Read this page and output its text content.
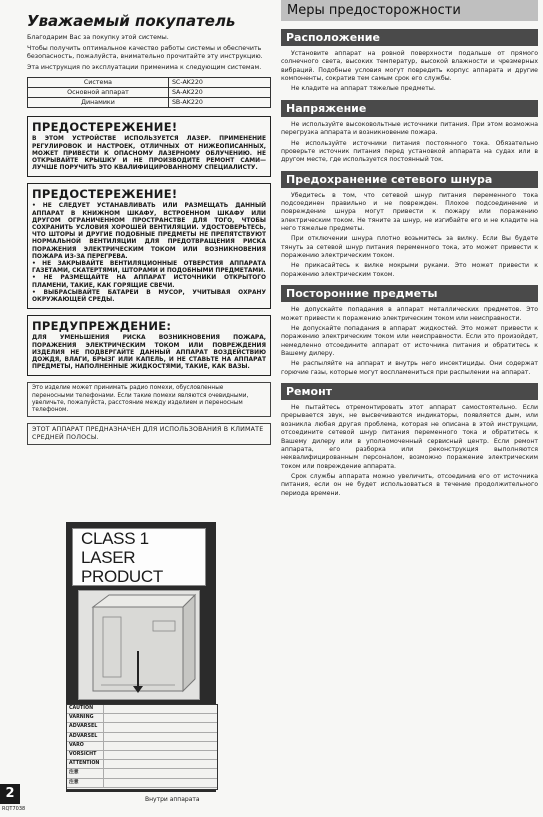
Уважаемый покупатель

Благодарим Вас за покупку этой системы.

Чтобы получить оптимальное качество работы системы и обеспечить безопасность, пожалуйста, внимательно прочитайте эту инструкцию.

Эта инструкция по эксплуатации применима к следующим системам.

Система	SC-AK220
Основной аппарат	SA-AK220
Динамики	SB-AK220
ПРЕДОСТЕРЕЖЕНИЕ!

В ЭТОМ УСТРОЙСТВЕ ИСПОЛЬЗУЕТСЯ ЛАЗЕР. ПРИМЕНЕНИЕ РЕГУЛИРОВОК И НАСТРОЕК, ОТЛИЧНЫХ ОТ НИЖЕОПИСАННЫХ, МОЖЕТ ПРИВЕСТИ К ОПАСНОМУ ЛАЗЕРНОМУ ОБЛУЧЕНИЮ. НЕ ОТКРЫВАЙТЕ КРЫШКУ И НЕ ПРОИЗВОДИТЕ РЕМОНТ САМИ—ЛУЧШЕ ПОРУЧИТЬ ЭТО КВАЛИФИЦИРОВАННОМУ СПЕЦИАЛИСТУ.

ПРЕДОСТЕРЕЖЕНИЕ!
• НЕ СЛЕДУЕТ УСТАНАВЛИВАТЬ ИЛИ РАЗМЕЩАТЬ ДАННЫЙ АППАРАТ В КНИЖНОМ ШКАФУ, ВСТРОЕННОМ ШКАФУ ИЛИ ДРУГОМ ОГРАНИЧЕННОМ ПРОСТРАНСТВЕ ДЛЯ ТОГО, ЧТОБЫ СОХРАНИТЬ УСЛОВИЯ ХОРОШЕЙ ВЕНТИЛЯЦИИ. УДОСТОВЕРЬТЕСЬ, ЧТО ШТОРЫ И ДРУГИЕ ПОДОБНЫЕ ПРЕДМЕТЫ НЕ ПРЕПЯТСТВУЮТ НОРМАЛЬНОЙ ВЕНТИЛЯЦИИ ДЛЯ ПРЕДОТВРАЩЕНИЯ РИСКА ПОРАЖЕНИЯ ЭЛЕКТРИЧЕСКИМ ТОКОМ ИЛИ ВОЗНИКНОВЕНИЯ ПОЖАРА ИЗ-ЗА ПЕРЕГРЕВА.
• НЕ ЗАКРЫВАЙТЕ ВЕНТИЛЯЦИОННЫЕ ОТВЕРСТИЯ АППАРАТА ГАЗЕТАМИ, СКАТЕРТЯМИ, ШТОРАМИ И ПОДОБНЫМИ ПРЕДМЕТАМИ.
• НЕ РАЗМЕЩАЙТЕ НА АППАРАТ ИСТОЧНИКИ ОТКРЫТОГО ПЛАМЕНИ, ТАКИЕ, КАК ГОРЯЩИЕ СВЕЧИ.
• ВЫБРАСЫВАЙТЕ БАТАРЕИ В МУСОР, УЧИТЫВАЯ ОХРАНУ ОКРУЖАЮЩЕЙ СРЕДЫ.
ПРЕДУПРЕЖДЕНИЕ:

ДЛЯ УМЕНЬШЕНИЯ РИСКА ВОЗНИКНОВЕНИЯ ПОЖАРА, ПОРАЖЕНИЯ ЭЛЕКТРИЧЕСКИМ ТОКОМ ИЛИ ПОВРЕЖДЕНИЯ ИЗДЕЛИЯ НЕ ПОДВЕРГАЙТЕ ДАННЫЙ АППАРАТ ВОЗДЕЙСТВИЮ ДОЖДЯ, ВЛАГИ, БРЫЗГ ИЛИ КАПЕЛЬ, И НЕ СТАВЬТЕ НА АППАРАТ ПРЕДМЕТЫ, НАПОЛНЕННЫЕ ЖИДКОСТЯМИ, ТАКИЕ, КАК ВАЗЫ.

Это изделие может принимать радио помехи, обусловленные переносными телефонами. Если такие помехи являются очевидными, увеличьте, пожалуйста, расстояние между изделием и переносным телефоном.

ЭТОТ АППАРАТ ПРЕДНАЗНАЧЕН ДЛЯ ИСПОЛЬЗОВАНИЯ В КЛИМАТЕ СРЕДНЕЙ ПОЛОСЫ.

CLASS 1
LASER PRODUCT
CAUTION
VARNING
ADVARSEL
ADVARSEL
VARO
VORSICHT
ATTENTION
注意
注意
Внутри аппарата
2
RQT7038
Меры предосторожности
Расположение

Установите аппарат на ровной поверхности подальше от прямого солнечного света, высоких температур, высокой влажности и чрезмерных вибраций. Подобные условия могут повредить корпус аппарата и другие компоненты, сократив тем самым срок его службы.

Не кладите на аппарат тяжелые предметы.

Напряжение

Не используйте высоковольтные источники питания. При этом возможна перегрузка аппарата и возникновение пожара.

Не используйте источники питания постоянного тока. Обязательно проверьте источник питания перед установкой аппарата на судах или в другом месте, где используется постоянный ток.

Предохранение сетевого шнура

Убедитесь в том, что сетевой шнур питания переменного тока подсоединен правильно и не поврежден. Плохое подсоединение и повреждение шнура могут привести к пожару или поражению электрическим током. Не тяните за шнур, не изгибайте его и не кладите на него тяжелые предметы.

При отключении шнура плотно возьмитесь за вилку. Если Вы будете тянуть за сетевой шнур питания переменного тока, это может привести к поражению электрическим током.

Не прикасайтесь к вилке мокрыми руками. Это может привести к поражению электрическим током.

Посторонние предметы

Не допускайте попадания в аппарат металлических предметов. Это может привести к поражению электрическим током или неисправности.

Не допускайте попадания в аппарат жидкостей. Это может привести к поражению электрическим током или неисправности. Если это произойдет, немедленно отсоедините аппарат от источника питания и обратитесь к Вашему дилеру.

Не распыляйте на аппарат и внутрь него инсектициды. Они содержат горючие газы, которые могут воспламениться при распылении на аппарат.

Ремонт

Не пытайтесь отремонтировать этот аппарат самостоятельно. Если прерывается звук, не высвечиваются индикаторы, появляется дым, или возникла любая другая проблема, которая не описана в этой инструкции, отсоедините сетевой шнур питания переменного тока и обратитесь к Вашему дилеру или в уполномоченный сервисный центр. Если ремонт аппарата, его разборка или реконструкция выполняются неквалифицированным персоналом, возможно поражение электрическим током или повреждение аппарата.

Срок службы аппарата можно увеличить, отсоединив его от источника питания, если он не будет использоваться в течение продолжительного периода времени.
